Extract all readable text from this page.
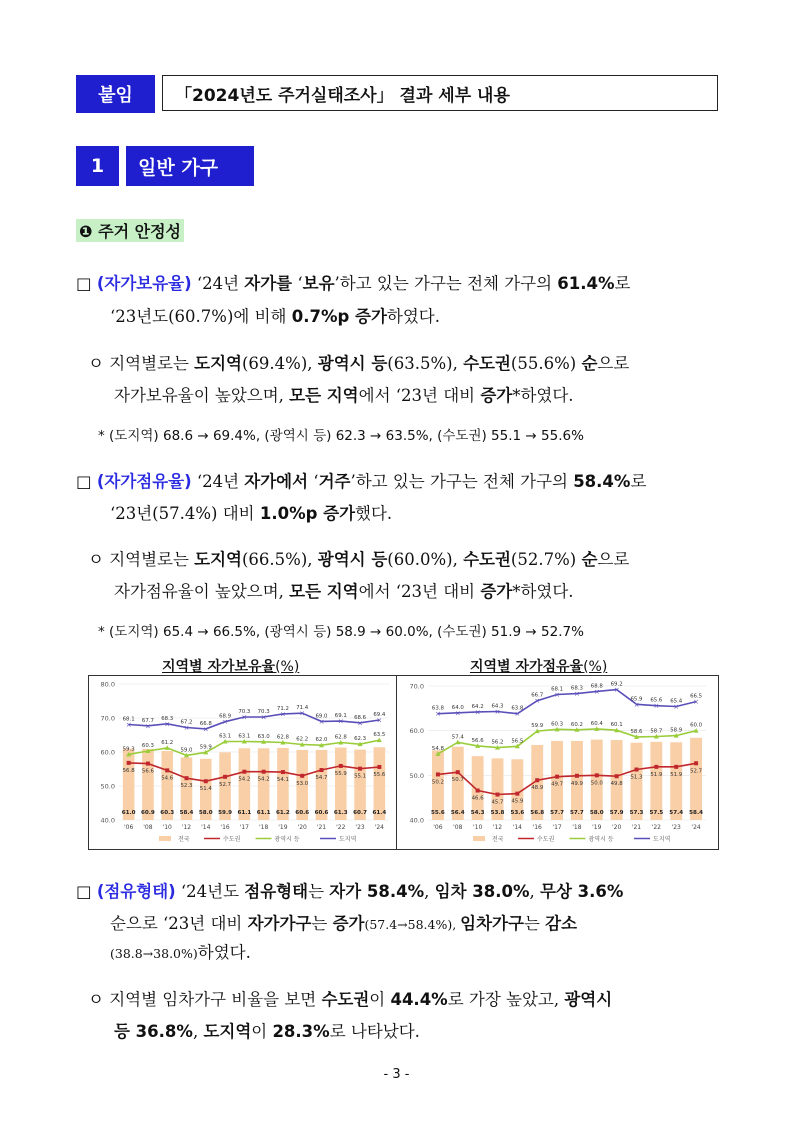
붙임	「2024년도 주거실태조사」 결과 세부 내용
1	일반 가구
❶ 주거 안정성
□ (자가보유율) ‘24년 자가를 ‘보유’하고 있는 가구는 전체 가구의 61.4%로
‘23년도(60.7%)에 비해 0.7%p 증가하였다.
ㅇ 지역별로는 도지역(69.4%), 광역시 등(63.5%), 수도권(55.6%) 순으로
자가보유율이 높았으며, 모든 지역에서 ‘23년 대비 증가*하였다.
* (도지역) 68.6 → 69.4%, (광역시 등) 62.3 → 63.5%, (수도권) 55.1 → 55.6%
□ (자가점유율) ‘24년 자가에서 ‘거주’하고 있는 가구는 전체 가구의 58.4%로
‘23년(57.4%) 대비 1.0%p 증가했다.
ㅇ 지역별로는 도지역(66.5%), 광역시 등(60.0%), 수도권(52.7%) 순으로
자가점유율이 높았으며, 모든 지역에서 ‘23년 대비 증가*하였다.
* (도지역) 65.4 → 66.5%, (광역시 등) 58.9 → 60.0%, (수도권) 51.9 → 52.7%
지역별 자가보유율(%)	지역별 자가점유율(%)
40.0
50.0
60.0
70.0
80.0
61.0 60.9 60.3 58.4 58.0 59.9 61.1 61.1 61.2 60.6 60.6 61.3 60.7 61.4
56.8 56.6
54.6
52.3
51.4
52.7
54.2 54.2 54.1
53.0
54.7
55.9 55.1 55.6
59.3
60.3
61.2
59.0
59.9
63.1 63.1 63.0 62.8 62.2 62.0 62.8 62.3
63.5
×
68.1
×
67.7 ×
68.3
×
67.2
×
66.8 ×
68.9 ×
70.3
×
70.3 ×
71.2
×
71.4
×
69.0
×
69.1
×
68.6 ×
69.4
'06 '08 '10 '12 '14 '16 '17 '18 '19 '20 '21 '22 '23 '24
전국	수도권	광역시 등	도지역
40.0
50.0
60.0
70.0
55.6 56.4 54.3 53.8 53.6 56.8 57.7 57.7 58.0 57.9 57.3 57.5 57.4 58.4
50.2 50.7
46.6
45.7 45.9
48.9
49.7 49.9 50.0 49.8
51.3 51.9 51.9
52.7
54.8
57.4
56.6 56.2 56.5
59.9 60.3 60.2 60.4 60.1
58.6 58.7 58.9
60.0
×
63.8
×
64.0
×
64.2
×
64.3
×
63.8
×
66.7 ×
68.1
×
68.3 ×
68.8 ×
69.2
×
65.9
×
65.6
×
65.4 ×
66.5
'06 '08 '10 '12 '14 '16 '17 '18 '19 '20 '21 '22 '23 '24
전국	수도권	광역시 등	도지역
□ (점유형태) ‘24년도 점유형태는 자가 58.4%, 임차 38.0%, 무상 3.6%
순으로 ‘23년 대비 자가가구는 증가(57.4→58.4%), 임차가구는 감소
(38.8→38.0%)하였다.
ㅇ 지역별 임차가구 비율을 보면 수도권이 44.4%로 가장 높았고, 광역시
등 36.8%, 도지역이 28.3%로 나타났다.
- 3 -
